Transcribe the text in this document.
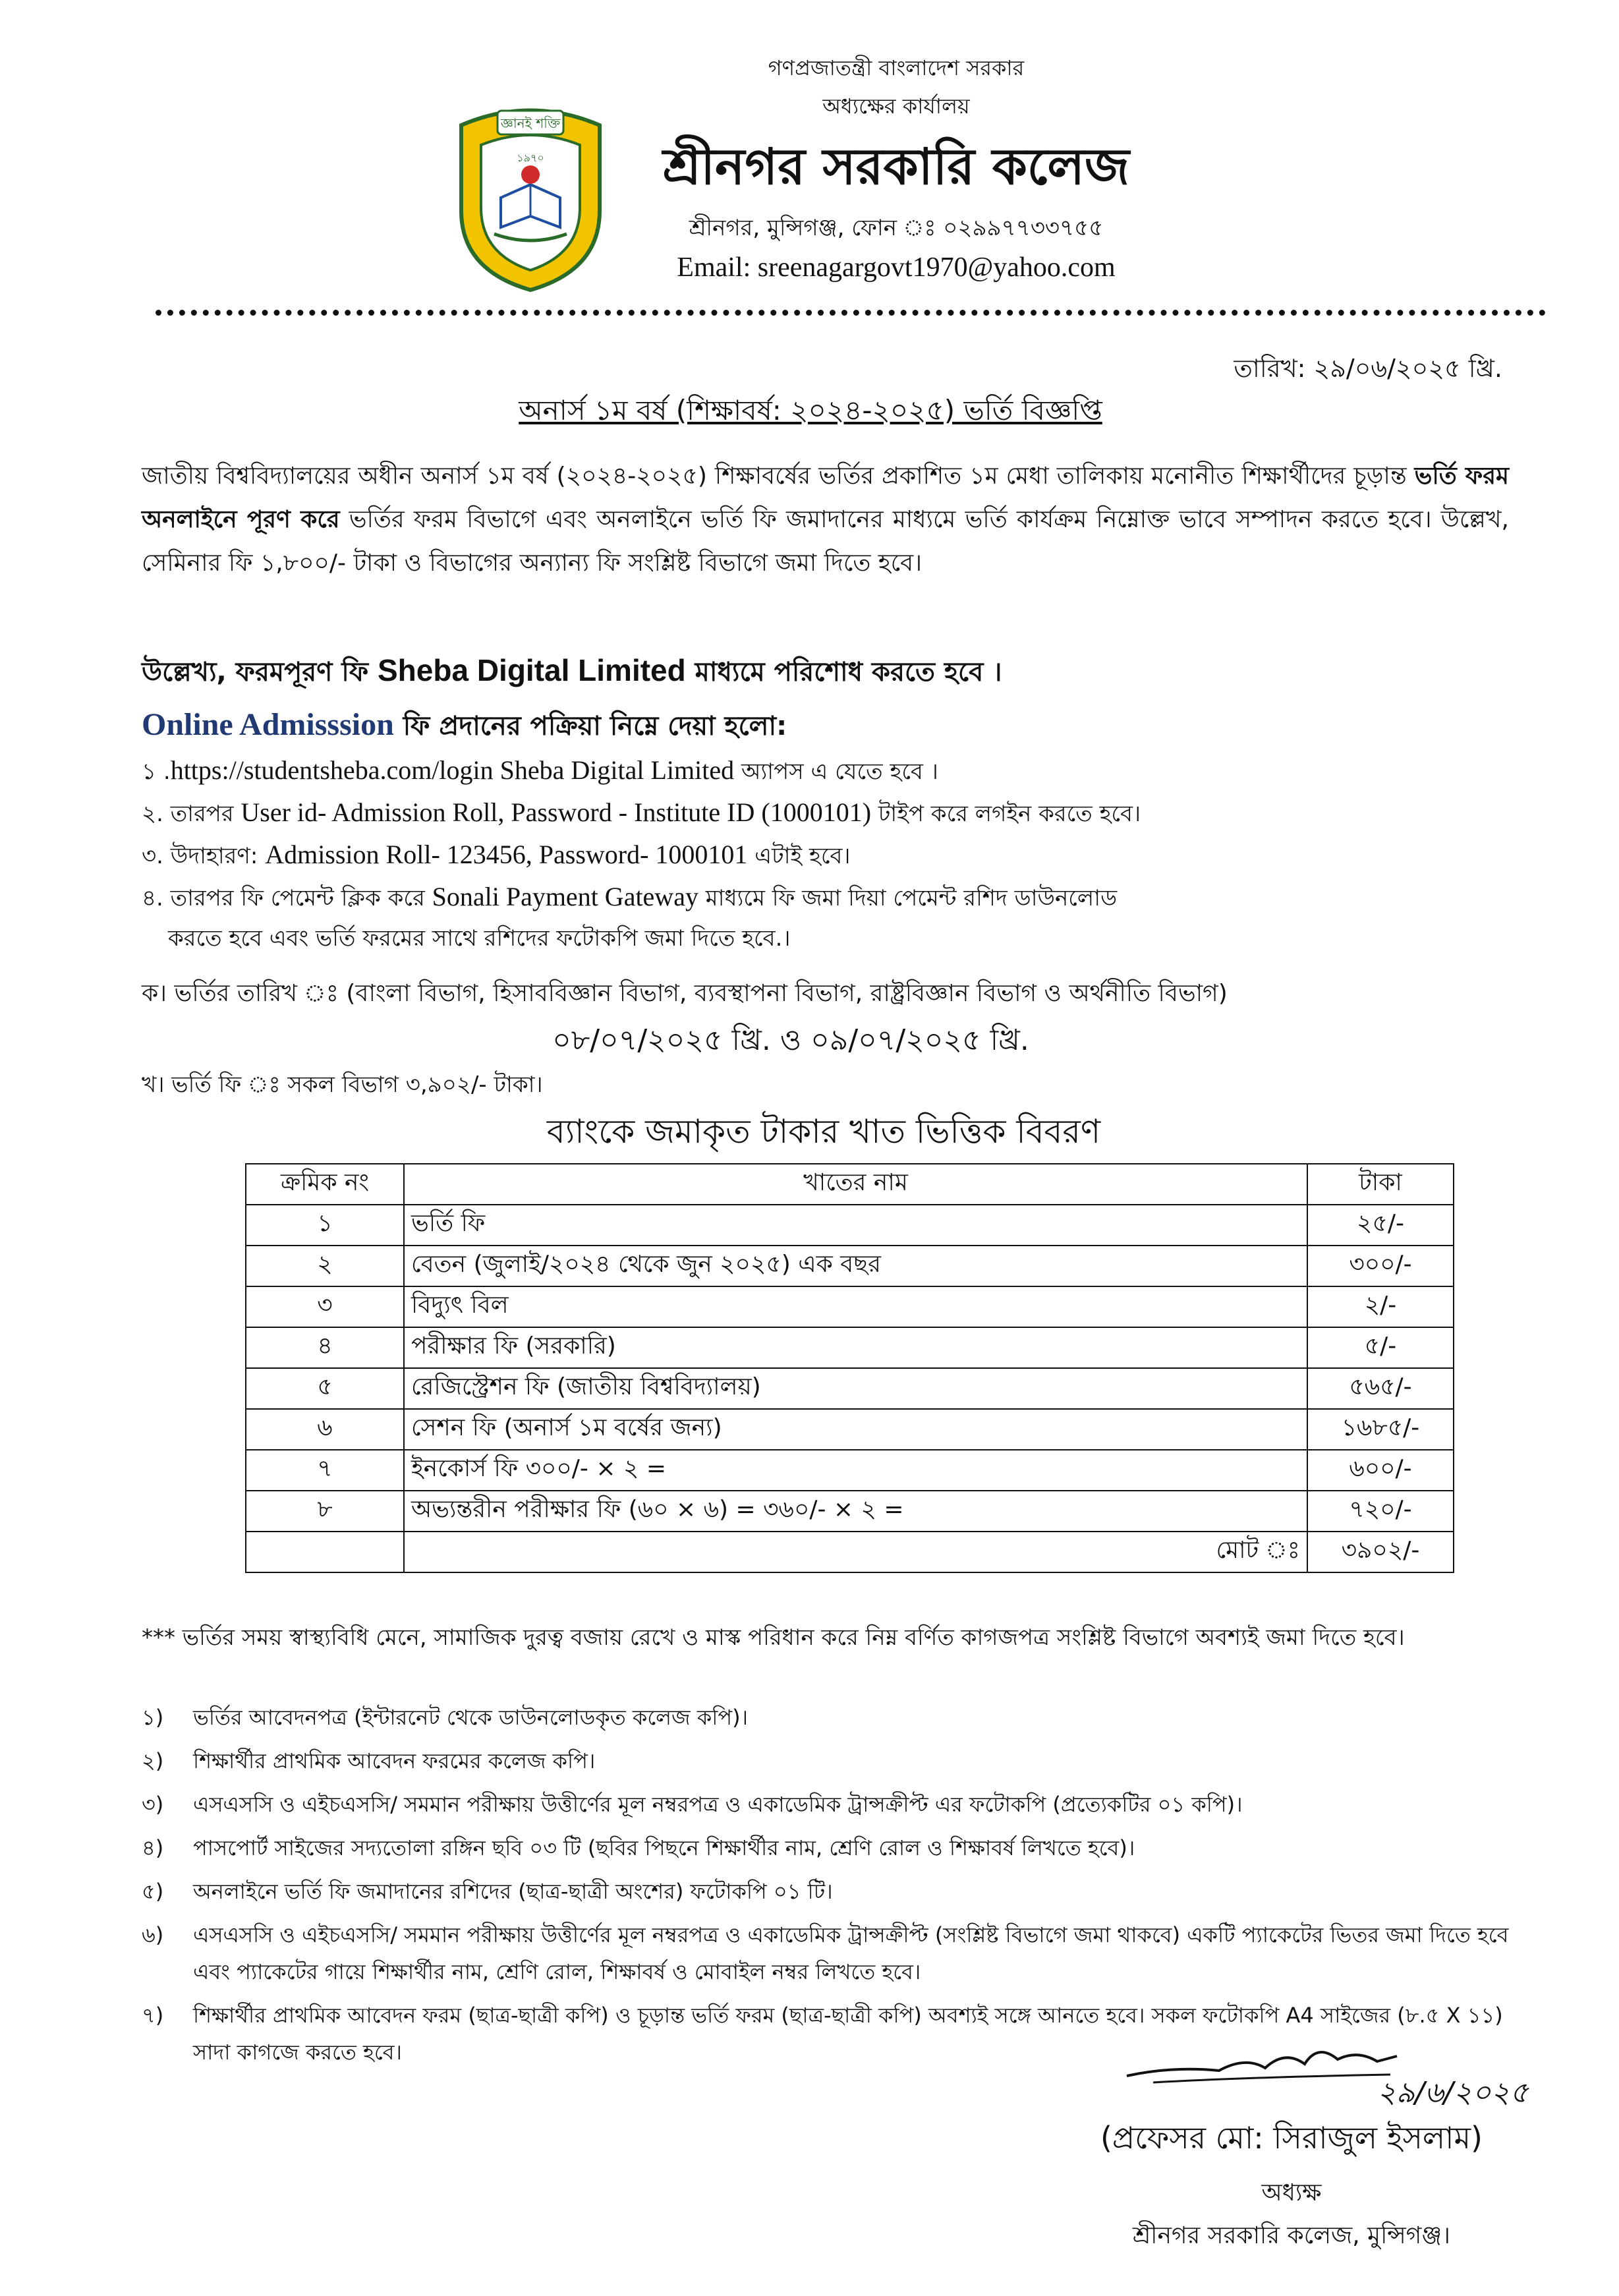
গণপ্রজাতন্ত্রী বাংলাদেশ সরকার
অধ্যক্ষের কার্যালয়
জ্ঞানই শক্তি
১৯৭০	শ্রীনগর সরকারি কলেজ
শ্রীনগর, মুন্সিগঞ্জ, ফোন ঃ ০২৯৯৭৭৩৩৭৫৫
Email: sreenagargovt1970@yahoo.com
তারিখ: ২৯/০৬/২০২৫ খ্রি.
অনার্স ১ম বর্ষ (শিক্ষাবর্ষ: ২০২৪-২০২৫) ভর্তি বিজ্ঞপ্তি
জাতীয় বিশ্ববিদ্যালয়ের অধীন অনার্স ১ম বর্ষ (২০২৪-২০২৫) শিক্ষাবর্ষের ভর্তির প্রকাশিত ১ম মেধা তালিকায় মনোনীত শিক্ষার্থীদের চূড়ান্ত ভর্তি ফরম অনলাইনে পূরণ করে ভর্তির ফরম বিভাগে এবং অনলাইনে ভর্তি ফি জমাদানের মাধ্যমে ভর্তি কার্যক্রম নিম্নোক্ত ভাবে সম্পাদন করতে হবে। উল্লেখ, সেমিনার ফি ১,৮০০/- টাকা ও বিভাগের অন্যান্য ফি সংশ্লিষ্ট বিভাগে জমা দিতে হবে।
উল্লেখ্য, ফরমপূরণ ফি Sheba Digital Limited মাধ্যমে পরিশোধ করতে হবে ।
Online Admisssion ফি প্রদানের পক্রিয়া নিম্নে দেয়া হলো:
১ .https://studentsheba.com/login Sheba Digital Limited অ্যাপস এ যেতে হবে ।
২. তারপর User id- Admission Roll, Password - Institute ID (1000101) টাইপ করে লগইন করতে হবে।
৩. উদাহারণ: Admission Roll- 123456, Password- 1000101 এটাই হবে।
৪. তারপর ফি পেমেন্ট ক্লিক করে Sonali Payment Gateway মাধ্যমে ফি জমা দিয়া পেমেন্ট রশিদ ডাউনলোড
করতে হবে এবং ভর্তি ফরমের সাথে রশিদের ফটোকপি জমা দিতে হবে.।
ক। ভর্তির তারিখ ঃ (বাংলা বিভাগ, হিসাববিজ্ঞান বিভাগ, ব্যবস্থাপনা বিভাগ, রাষ্ট্রবিজ্ঞান বিভাগ ও অর্থনীতি বিভাগ)
০৮/০৭/২০২৫ খ্রি. ও ০৯/০৭/২০২৫ খ্রি.
খ। ভর্তি ফি ঃ সকল বিভাগ ৩,৯০২/- টাকা।
ব্যাংকে জমাকৃত টাকার খাত ভিত্তিক বিবরণ
ক্রমিক নং	খাতের নাম	টাকা
১	ভর্তি ফি	২৫/-
২	বেতন (জুলাই/২০২৪ থেকে জুন ২০২৫) এক বছর	৩০০/-
৩	বিদ্যুৎ বিল	২/-
৪	পরীক্ষার ফি (সরকারি)	৫/-
৫	রেজিস্ট্রেশন ফি (জাতীয় বিশ্ববিদ্যালয়)	৫৬৫/-
৬	সেশন ফি (অনার্স ১ম বর্ষের জন্য)	১৬৮৫/-
৭	ইনকোর্স ফি ৩০০/- × ২ =	৬০০/-
৮	অভ্যন্তরীন পরীক্ষার ফি (৬০ × ৬) = ৩৬০/- × ২ =	৭২০/-
	মোট ঃ	৩৯০২/-
*** ভর্তির সময় স্বাস্থ্যবিধি মেনে, সামাজিক দুরত্ব বজায় রেখে ও মাস্ক পরিধান করে নিম্ন বর্ণিত কাগজপত্র সংশ্লিষ্ট বিভাগে অবশ্যই জমা দিতে হবে।
১)	ভর্তির আবেদনপত্র (ইন্টারনেট থেকে ডাউনলোডকৃত কলেজ কপি)।
২)	শিক্ষার্থীর প্রাথমিক আবেদন ফরমের কলেজ কপি।
৩)	এসএসসি ও এইচএসসি/ সমমান পরীক্ষায় উত্তীর্ণের মূল নম্বরপত্র ও একাডেমিক ট্রান্সক্রীপ্ট এর ফটোকপি (প্রত্যেকটির ০১ কপি)।
৪)	পাসপোর্ট সাইজের সদ্যতোলা রঙ্গিন ছবি ০৩ টি (ছবির পিছনে শিক্ষার্থীর নাম, শ্রেণি রোল ও শিক্ষাবর্ষ লিখতে হবে)।
৫)	অনলাইনে ভর্তি ফি জমাদানের রশিদের (ছাত্র-ছাত্রী অংশের) ফটোকপি ০১ টি।
৬)	এসএসসি ও এইচএসসি/ সমমান পরীক্ষায় উত্তীর্ণের মূল নম্বরপত্র ও একাডেমিক ট্রান্সক্রীপ্ট (সংশ্লিষ্ট বিভাগে জমা থাকবে) একটি প্যাকেটের ভিতর জমা দিতে হবে এবং প্যাকেটের গায়ে শিক্ষার্থীর নাম, শ্রেণি রোল, শিক্ষাবর্ষ ও মোবাইল নম্বর লিখতে হবে।
৭)	শিক্ষার্থীর প্রাথমিক আবেদন ফরম (ছাত্র-ছাত্রী কপি) ও চূড়ান্ত ভর্তি ফরম (ছাত্র-ছাত্রী কপি) অবশ্যই সঙ্গে আনতে হবে। সকল ফটোকপি A4 সাইজের (৮.৫ X ১১) সাদা কাগজে করতে হবে।
২৯/৬/২০২৫
(প্রফেসর মো: সিরাজুল ইসলাম)
অধ্যক্ষ
শ্রীনগর সরকারি কলেজ, মুন্সিগঞ্জ।
